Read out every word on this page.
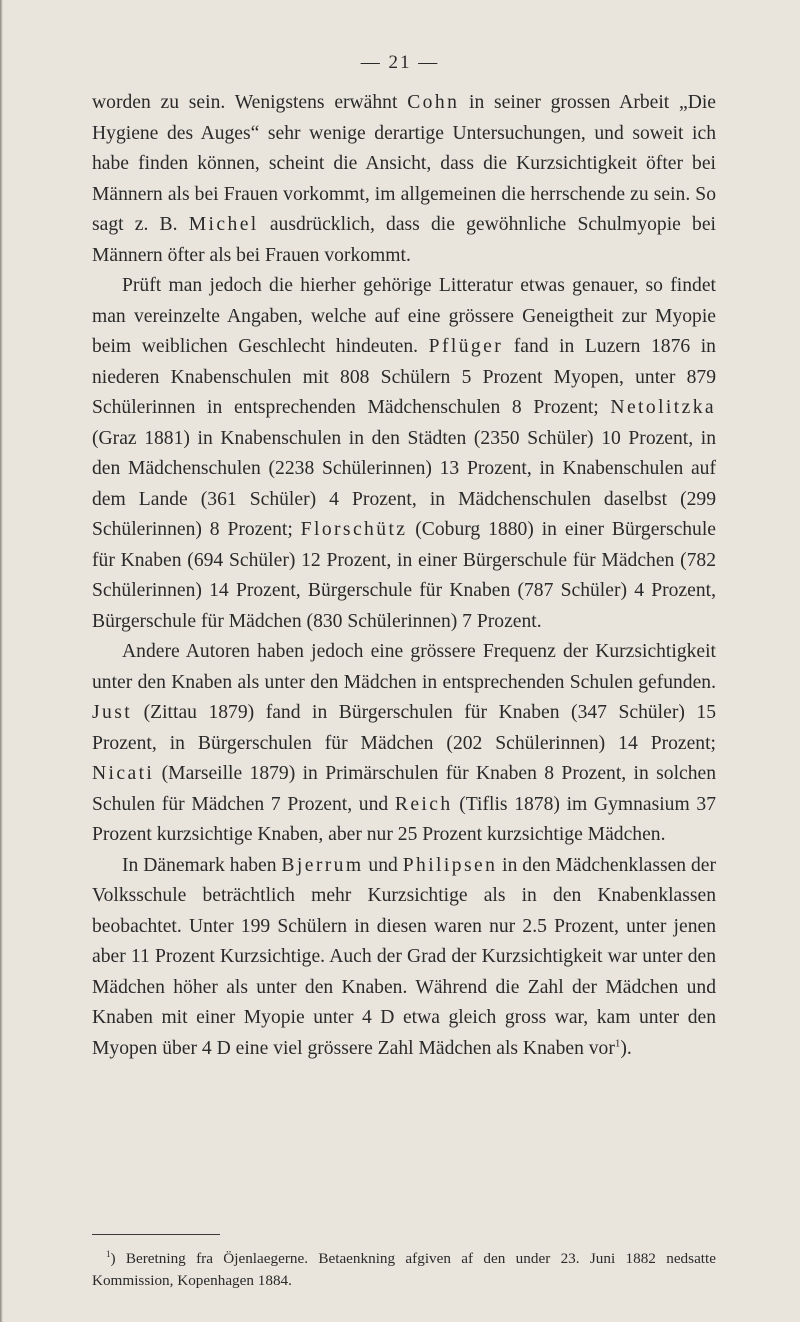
— 21 —

worden zu sein. Wenigstens erwähnt Cohn in seiner grossen Arbeit „Die Hygiene des Auges“ sehr wenige derartige Untersuchungen, und soweit ich habe finden können, scheint die Ansicht, dass die Kurzsichtigkeit öfter bei Männern als bei Frauen vorkommt, im allgemeinen die herrschende zu sein. So sagt z. B. Michel ausdrücklich, dass die gewöhnliche Schulmyopie bei Männern öfter als bei Frauen vorkommt.

Prüft man jedoch die hierher gehörige Litteratur etwas genauer, so findet man vereinzelte Angaben, welche auf eine grössere Geneigtheit zur Myopie beim weiblichen Geschlecht hindeuten. Pflüger fand in Luzern 1876 in niederen Knabenschulen mit 808 Schülern 5 Prozent Myopen, unter 879 Schülerinnen in entsprechenden Mädchenschulen 8 Prozent; Netolitzka (Graz 1881) in Knabenschulen in den Städten (2350 Schüler) 10 Prozent, in den Mädchenschulen (2238 Schülerinnen) 13 Prozent, in Knabenschulen auf dem Lande (361 Schüler) 4 Prozent, in Mädchenschulen daselbst (299 Schülerinnen) 8 Prozent; Florschütz (Coburg 1880) in einer Bürgerschule für Knaben (694 Schüler) 12 Prozent, in einer Bürgerschule für Mädchen (782 Schülerinnen) 14 Prozent, Bürgerschule für Knaben (787 Schüler) 4 Prozent, Bürgerschule für Mädchen (830 Schülerinnen) 7 Prozent.

Andere Autoren haben jedoch eine grössere Frequenz der Kurzsichtigkeit unter den Knaben als unter den Mädchen in entsprechenden Schulen gefunden. Just (Zittau 1879) fand in Bürgerschulen für Knaben (347 Schüler) 15 Prozent, in Bürgerschulen für Mädchen (202 Schülerinnen) 14 Prozent; Nicati (Marseille 1879) in Primärschulen für Knaben 8 Prozent, in solchen Schulen für Mädchen 7 Prozent, und Reich (Tiflis 1878) im Gymnasium 37 Prozent kurzsichtige Knaben, aber nur 25 Prozent kurzsichtige Mädchen.

In Dänemark haben Bjerrum und Philipsen in den Mädchenklassen der Volksschule beträchtlich mehr Kurzsichtige als in den Knabenklassen beobachtet. Unter 199 Schülern in diesen waren nur 2.5 Prozent, unter jenen aber 11 Prozent Kurzsichtige. Auch der Grad der Kurzsichtigkeit war unter den Mädchen höher als unter den Knaben. Während die Zahl der Mädchen und Knaben mit einer Myopie unter 4 D etwa gleich gross war, kam unter den Myopen über 4 D eine viel grössere Zahl Mädchen als Knaben vor$^1$).

$^1$) Beretning fra Öjenlaegerne. Betaenkning afgiven af den under 23. Juni 1882 nedsatte Kommission, Kopenhagen 1884.
